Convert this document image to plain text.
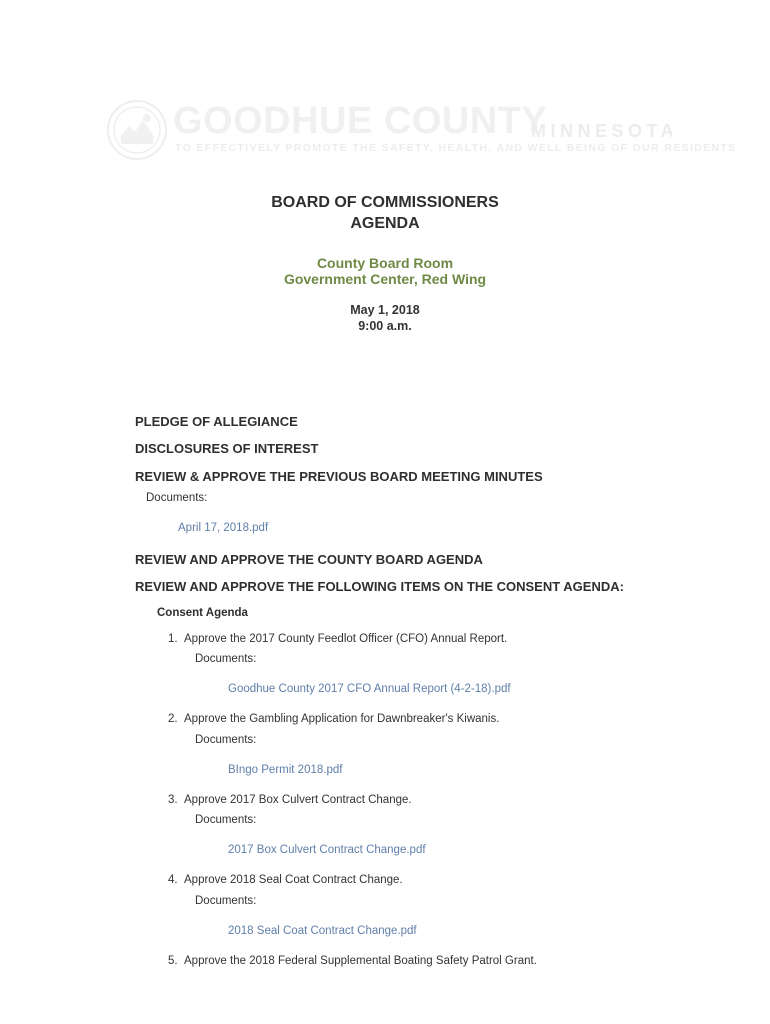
GOODHUE COUNTY
MINNESOTA
TO EFFECTIVELY PROMOTE THE SAFETY, HEALTH, AND WELL BEING OF OUR RESIDENTS
BOARD OF COMMISSIONERS
AGENDA
County Board Room
Government Center, Red Wing
May 1, 2018
9:00 a.m.
PLEDGE OF ALLEGIANCE
DISCLOSURES OF INTEREST
REVIEW & APPROVE THE PREVIOUS BOARD MEETING MINUTES
Documents:
April 17, 2018.pdf
REVIEW AND APPROVE THE COUNTY BOARD AGENDA
REVIEW AND APPROVE THE FOLLOWING ITEMS ON THE CONSENT AGENDA:
Consent Agenda
1. Approve the 2017 County Feedlot Officer (CFO) Annual Report.
Documents:
Goodhue County 2017 CFO Annual Report (4-2-18).pdf
2. Approve the Gambling Application for Dawnbreaker's Kiwanis.
Documents:
BIngo Permit 2018.pdf
3. Approve 2017 Box Culvert Contract Change.
Documents:
2017 Box Culvert Contract Change.pdf
4. Approve 2018 Seal Coat Contract Change.
Documents:
2018 Seal Coat Contract Change.pdf
5. Approve the 2018 Federal Supplemental Boating Safety Patrol Grant.
